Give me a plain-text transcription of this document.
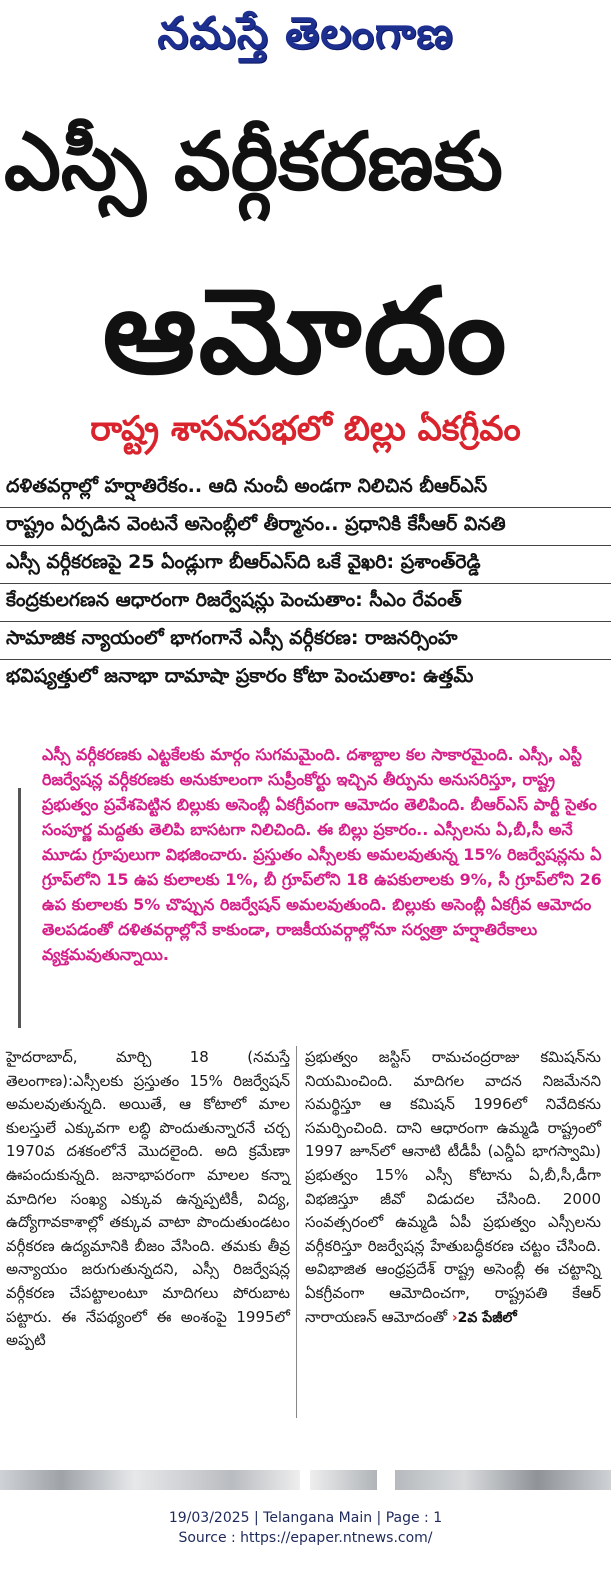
నమస్తే తెలంగాణ
ఎస్సీ వర్గీకరణకు
ఆమోదం
రాష్ట్ర శాసనసభలో బిల్లు ఏకగ్రీవం
దళితవర్గాల్లో హర్షాతిరేకం.. ఆది నుంచీ అండగా నిలిచిన బీఆర్ఎస్
రాష్ట్రం ఏర్పడిన వెంటనే అసెంబ్లీలో తీర్మానం.. ప్రధానికి కేసీఆర్ వినతి
ఎస్సీ వర్గీకరణపై 25 ఏండ్లుగా బీఆర్ఎస్‌ది ఒకే వైఖరి: ప్రశాంత్‌రెడ్డి
కేంద్రకులగణన ఆధారంగా రిజర్వేషన్లు పెంచుతాం: సీఎం రేవంత్
సామాజిక న్యాయంలో భాగంగానే ఎస్సీ వర్గీకరణ: రాజనర్సింహ
భవిష్యత్తులో జనాభా దామాషా ప్రకారం కోటా పెంచుతాం: ఉత్తమ్

ఎస్సీ వర్గీకరణకు ఎట్టకేలకు మార్గం సుగమమైంది. దశాబ్దాల కల సాకారమైంది. ఎస్సీ, ఎస్టీ రిజర్వేషన్ల వర్గీకరణకు అనుకూలంగా సుప్రీంకోర్టు ఇచ్చిన తీర్పును అనుసరిస్తూ, రాష్ట్ర ప్రభుత్వం ప్రవేశపెట్టిన బిల్లుకు అసెంబ్లీ ఏకగ్రీవంగా ఆమోదం తెలిపింది. బీఆర్ఎస్ పార్టీ సైతం సంపూర్ణ మద్దతు తెలిపి బాసటగా నిలిచింది. ఈ బిల్లు ప్రకారం.. ఎస్సీలను ఏ,బీ,సీ అనే మూడు గ్రూపులుగా విభజించారు. ప్రస్తుతం ఎస్సీలకు అమలవుతున్న 15% రిజర్వేషన్లను ఏ గ్రూప్‌లోని 15 ఉప కులాలకు 1%, బీ గ్రూప్‌లోని 18 ఉపకులాలకు 9%, సీ గ్రూప్‌లోని 26 ఉప కులాలకు 5% చొప్పున రిజర్వేషన్ అమలవుతుంది. బిల్లుకు అసెంబ్లీ ఏకగ్రీవ ఆమోదం తెలపడంతో దళితవర్గాల్లోనే కాకుండా, రాజకీయవర్గాల్లోనూ సర్వత్రా హర్షాతిరేకాలు వ్యక్తమవుతున్నాయి.

హైదరాబాద్, మార్చి 18 (నమస్తే తెలంగాణ):ఎస్సీలకు ప్రస్తుతం 15% రిజర్వేషన్ అమలవుతున్నది. అయితే, ఆ కోటాలో మాల కులస్తులే ఎక్కువగా లబ్ధి పొందుతున్నారనే చర్చ 1970వ దశకంలోనే మొదలైంది. అది క్రమేణా ఊపందుకున్నది. జనాభాపరంగా మాలల కన్నా మాదిగల సంఖ్య ఎక్కువ ఉన్నప్పటికీ, విద్య, ఉద్యోగావకాశాల్లో తక్కువ వాటా పొందుతుండటం వర్గీకరణ ఉద్యమానికి బీజం వేసింది. తమకు తీవ్ర అన్యాయం జరుగుతున్నదని, ఎస్సీ రిజర్వేషన్ల వర్గీకరణ చేపట్టాలంటూ మాదిగలు పోరుబాట పట్టారు. ఈ నేపథ్యంలో ఈ అంశంపై 1995లో అప్పటి

ప్రభుత్వం జస్టిస్ రామచంద్రరాజు కమిషన్‌ను నియమించింది. మాదిగల వాదన నిజమేనని సమర్థిస్తూ ఆ కమిషన్ 1996లో నివేదికను సమర్పించింది. దాని ఆధారంగా ఉమ్మడి రాష్ట్రంలో 1997 జూన్‌లో ఆనాటి టీడీపీ (ఎన్డీఏ భాగస్వామి) ప్రభుత్వం 15% ఎస్సీ కోటాను ఏ,బీ,సీ,డీగా విభజిస్తూ జీవో విడుదల చేసింది. 2000 సంవత్సరంలో ఉమ్మడి ఏపీ ప్రభుత్వం ఎస్సీలను వర్గీకరిస్తూ రిజర్వేషన్ల హేతుబద్ధీకరణ చట్టం చేసింది. అవిభాజిత ఆంధ్రప్రదేశ్ రాష్ట్ర అసెంబ్లీ ఈ చట్టాన్ని ఏకగ్రీవంగా ఆమోదించగా, రాష్ట్రపతి కేఆర్ నారాయణన్ ఆమోదంతో ›2వ పేజీలో

19/03/2025 | Telangana Main | Page : 1
Source : https://epaper.ntnews.com/
